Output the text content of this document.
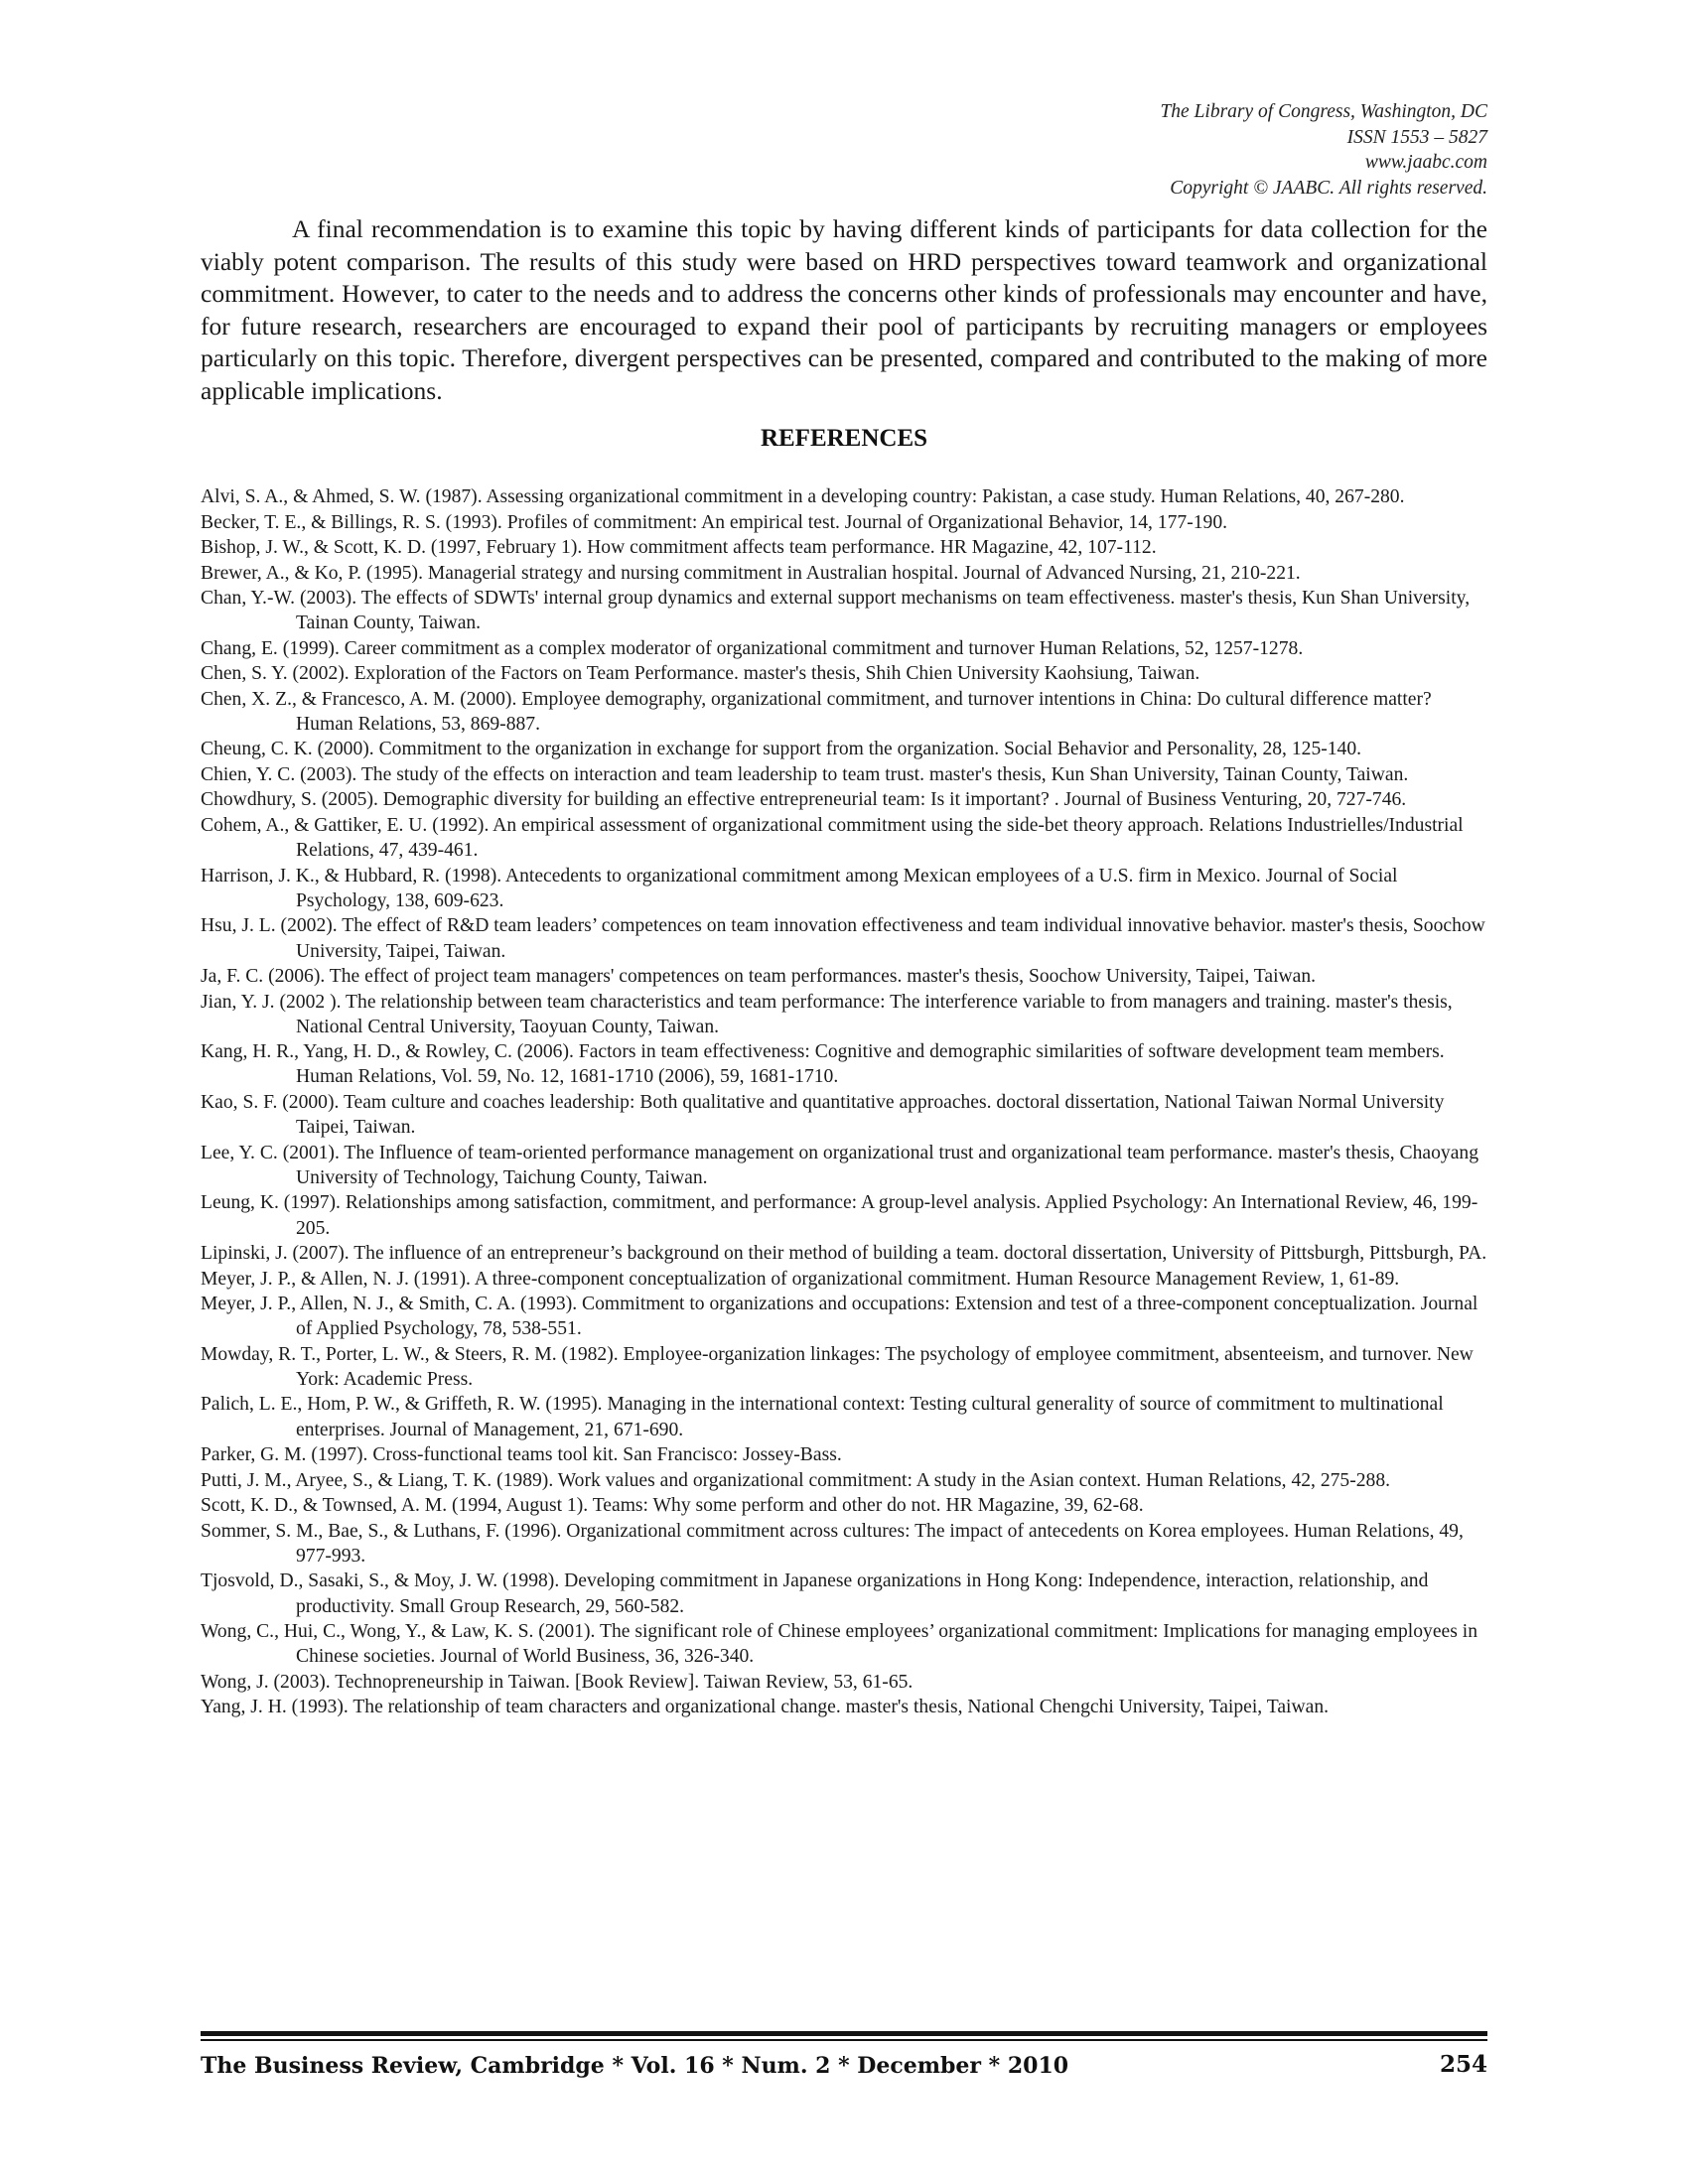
The Library of Congress, Washington, DC
ISSN 1553 – 5827
www.jaabc.com
Copyright © JAABC. All rights reserved.

A final recommendation is to examine this topic by having different kinds of participants for data collection for the viably potent comparison. The results of this study were based on HRD perspectives toward teamwork and organizational commitment. However, to cater to the needs and to address the concerns other kinds of professionals may encounter and have, for future research, researchers are encouraged to expand their pool of participants by recruiting managers or employees particularly on this topic. Therefore, divergent perspectives can be presented, compared and contributed to the making of more applicable implications.

REFERENCES
Alvi, S. A., & Ahmed, S. W. (1987). Assessing organizational commitment in a developing country: Pakistan, a case study. Human Relations, 40, 267-280.
Becker, T. E., & Billings, R. S. (1993). Profiles of commitment: An empirical test. Journal of Organizational Behavior, 14, 177-190.
Bishop, J. W., & Scott, K. D. (1997, February 1). How commitment affects team performance. HR Magazine, 42, 107-112.
Brewer, A., & Ko, P. (1995). Managerial strategy and nursing commitment in Australian hospital. Journal of Advanced Nursing, 21, 210-221.
Chan, Y.-W. (2003). The effects of SDWTs' internal group dynamics and external support mechanisms on team effectiveness. master's thesis, Kun Shan University, Tainan County, Taiwan.
Chang, E. (1999). Career commitment as a complex moderator of organizational commitment and turnover Human Relations, 52, 1257-1278.
Chen, S. Y. (2002). Exploration of the Factors on Team Performance. master's thesis, Shih Chien University Kaohsiung, Taiwan.
Chen, X. Z., & Francesco, A. M. (2000). Employee demography, organizational commitment, and turnover intentions in China: Do cultural difference matter? Human Relations, 53, 869-887.
Cheung, C. K. (2000). Commitment to the organization in exchange for support from the organization. Social Behavior and Personality, 28, 125-140.
Chien, Y. C. (2003). The study of the effects on interaction and team leadership to team trust. master's thesis, Kun Shan University, Tainan County, Taiwan.
Chowdhury, S. (2005). Demographic diversity for building an effective entrepreneurial team: Is it important? . Journal of Business Venturing, 20, 727-746.
Cohem, A., & Gattiker, E. U. (1992). An empirical assessment of organizational commitment using the side-bet theory approach. Relations Industrielles/Industrial Relations, 47, 439-461.
Harrison, J. K., & Hubbard, R. (1998). Antecedents to organizational commitment among Mexican employees of a U.S. firm in Mexico. Journal of Social Psychology, 138, 609-623.
Hsu, J. L. (2002). The effect of R&D team leaders’ competences on team innovation effectiveness and team individual innovative behavior. master's thesis, Soochow University, Taipei, Taiwan.
Ja, F. C. (2006). The effect of project team managers' competences on team performances. master's thesis, Soochow University, Taipei, Taiwan.
Jian, Y. J. (2002 ). The relationship between team characteristics and team performance: The interference variable to from managers and training. master's thesis, National Central University, Taoyuan County, Taiwan.
Kang, H. R., Yang, H. D., & Rowley, C. (2006). Factors in team effectiveness: Cognitive and demographic similarities of software development team members. Human Relations, Vol. 59, No. 12, 1681-1710 (2006), 59, 1681-1710.
Kao, S. F. (2000). Team culture and coaches leadership: Both qualitative and quantitative approaches. doctoral dissertation, National Taiwan Normal University Taipei, Taiwan.
Lee, Y. C. (2001). The Influence of team-oriented performance management on organizational trust and organizational team performance. master's thesis, Chaoyang University of Technology, Taichung County, Taiwan.
Leung, K. (1997). Relationships among satisfaction, commitment, and performance: A group-level analysis. Applied Psychology: An International Review, 46, 199-205.
Lipinski, J. (2007). The influence of an entrepreneur’s background on their method of building a team. doctoral dissertation, University of Pittsburgh, Pittsburgh, PA.
Meyer, J. P., & Allen, N. J. (1991). A three-component conceptualization of organizational commitment. Human Resource Management Review, 1, 61-89.
Meyer, J. P., Allen, N. J., & Smith, C. A. (1993). Commitment to organizations and occupations: Extension and test of a three-component conceptualization. Journal of Applied Psychology, 78, 538-551.
Mowday, R. T., Porter, L. W., & Steers, R. M. (1982). Employee-organization linkages: The psychology of employee commitment, absenteeism, and turnover. New York: Academic Press.
Palich, L. E., Hom, P. W., & Griffeth, R. W. (1995). Managing in the international context: Testing cultural generality of source of commitment to multinational enterprises. Journal of Management, 21, 671-690.
Parker, G. M. (1997). Cross-functional teams tool kit. San Francisco: Jossey-Bass.
Putti, J. M., Aryee, S., & Liang, T. K. (1989). Work values and organizational commitment: A study in the Asian context. Human Relations, 42, 275-288.
Scott, K. D., & Townsed, A. M. (1994, August 1). Teams: Why some perform and other do not. HR Magazine, 39, 62-68.
Sommer, S. M., Bae, S., & Luthans, F. (1996). Organizational commitment across cultures: The impact of antecedents on Korea employees. Human Relations, 49, 977-993.
Tjosvold, D., Sasaki, S., & Moy, J. W. (1998). Developing commitment in Japanese organizations in Hong Kong: Independence, interaction, relationship, and productivity. Small Group Research, 29, 560-582.
Wong, C., Hui, C., Wong, Y., & Law, K. S. (2001). The significant role of Chinese employees’ organizational commitment: Implications for managing employees in Chinese societies. Journal of World Business, 36, 326-340.
Wong, J. (2003). Technopreneurship in Taiwan. [Book Review]. Taiwan Review, 53, 61-65.
Yang, J. H. (1993). The relationship of team characters and organizational change. master's thesis, National Chengchi University, Taipei, Taiwan.
The Business Review, Cambridge * Vol. 16 * Num. 2 * December * 2010	254
